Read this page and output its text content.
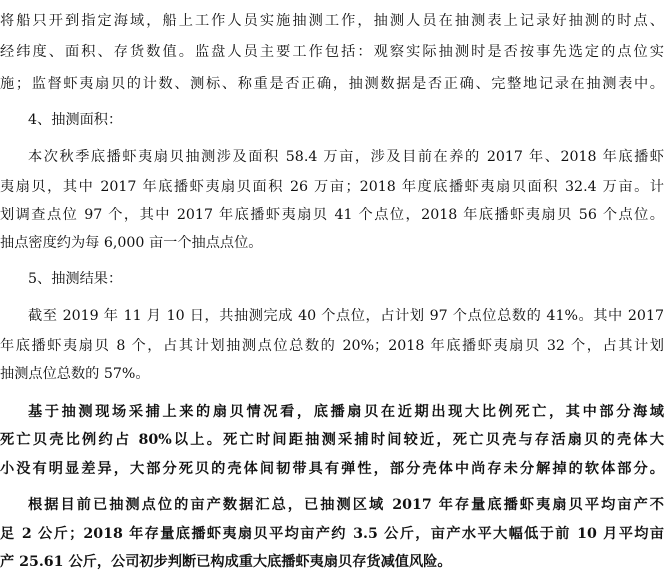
将船只开到指定海域，船上工作人员实施抽测工作，抽测人员在抽测表上记录好抽测的时点、
经纬度、面积、存货数值。监盘人员主要工作包括：观察实际抽测时是否按事先选定的点位实
施；监督虾夷扇贝的计数、测标、称重是否正确，抽测数据是否正确、完整地记录在抽测表中。
4、抽测面积：
本次秋季底播虾夷扇贝抽测涉及面积 58.4 万亩，涉及目前在养的 2017 年、2018 年底播虾
夷扇贝，其中 2017 年底播虾夷扇贝面积 26 万亩；2018 年度底播虾夷扇贝面积 32.4 万亩。计
划调查点位 97 个，其中 2017 年底播虾夷扇贝 41 个点位，2018 年底播虾夷扇贝 56 个点位。
抽点密度约为每 6,000 亩一个抽点点位。
5、抽测结果：
截至 2019 年 11 月 10 日，共抽测完成 40 个点位，占计划 97 个点位总数的 41%。其中 2017
年底播虾夷扇贝 8 个，占其计划抽测点位总数的 20%；2018 年底播虾夷扇贝 32 个，占其计划
抽测点位总数的 57%。
基于抽测现场采捕上来的扇贝情况看，底播扇贝在近期出现大比例死亡，其中部分海域
死亡贝壳比例约占 80%以上。死亡时间距抽测采捕时间较近，死亡贝壳与存活扇贝的壳体大
小没有明显差异，大部分死贝的壳体间韧带具有弹性，部分壳体中尚存未分解掉的软体部分。
根据目前已抽测点位的亩产数据汇总，已抽测区域 2017 年存量底播虾夷扇贝平均亩产不
足 2 公斤；2018 年存量底播虾夷扇贝平均亩产约 3.5 公斤，亩产水平大幅低于前 10 月平均亩
产 25.61 公斤，公司初步判断已构成重大底播虾夷扇贝存货减值风险。
